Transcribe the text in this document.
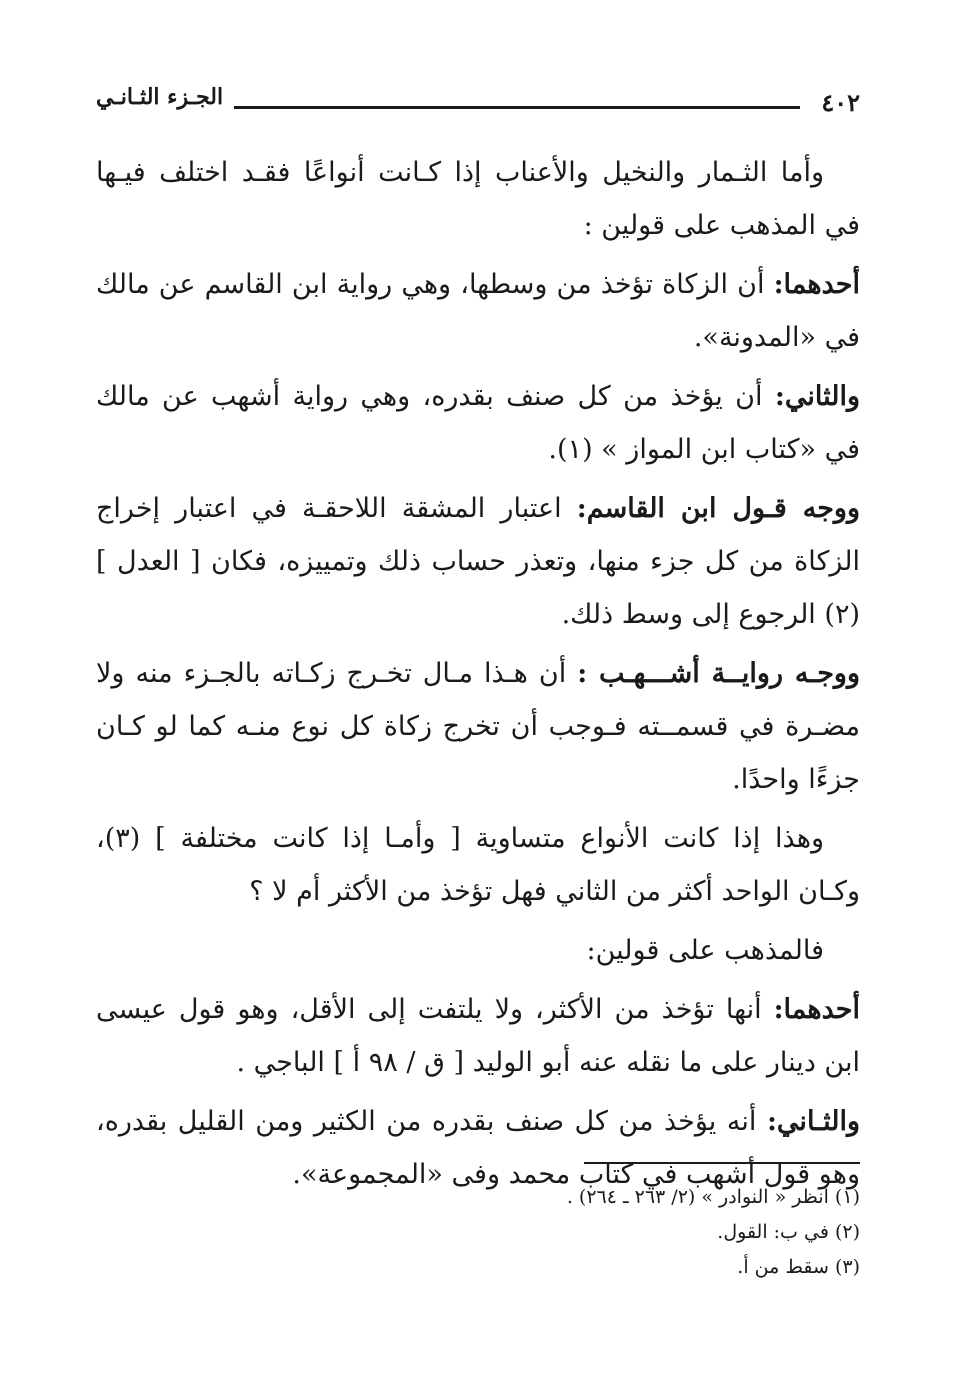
٤٠٢
الجـزء الثـانـي

وأما الثـمار والنخيل والأعناب إذا كـانت أنواعًا فقـد اختلف فيـها في المذهب على قولين :

أحدهما: أن الزكاة تؤخذ من وسطها، وهي رواية ابن القاسم عن مالك في «المدونة».

والثاني: أن يؤخذ من كل صنف بقدره، وهي رواية أشهب عن مالك في «كتاب ابن المواز » (١).

ووجه قـول ابن القاسم: اعتبار المشقة اللاحقـة في اعتبار إخراج الزكاة من كل جزء منها، وتعذر حساب ذلك وتمييزه، فكان [ العدل ] (٢) الرجوع إلى وسط ذلك.

ووجـه روايــة أشـــهـب : أن هـذا مـال تخـرج زكـاته بالجـزء منه ولا مضـرة في قسمــته فـوجب أن تخرج زكاة كل نوع منـه كما لو كـان جزءًا واحدًا.

وهذا إذا كانت الأنواع متساوية [ وأمـا إذا كانت مختلفة ] (٣)، وكـان الواحد أكثر من الثاني فهل تؤخذ من الأكثر أم لا ؟

فالمذهب على قولين:

أحدهما: أنها تؤخذ من الأكثر، ولا يلتفت إلى الأقل، وهو قول عيسى ابن دينار على ما نقله عنه أبو الوليد [ ق / ٩٨ أ ] الباجي .

والثـاني: أنه يؤخذ من كل صنف بقدره من الكثير ومن القليل بقدره، وهو قول أشهب في كتاب محمد وفى «المجموعة».

(١) انظر « النوادر » (٢/ ٢٦٣ ـ ٢٦٤) .

(٢) في ب: القول.

(٣) سقط من أ.
